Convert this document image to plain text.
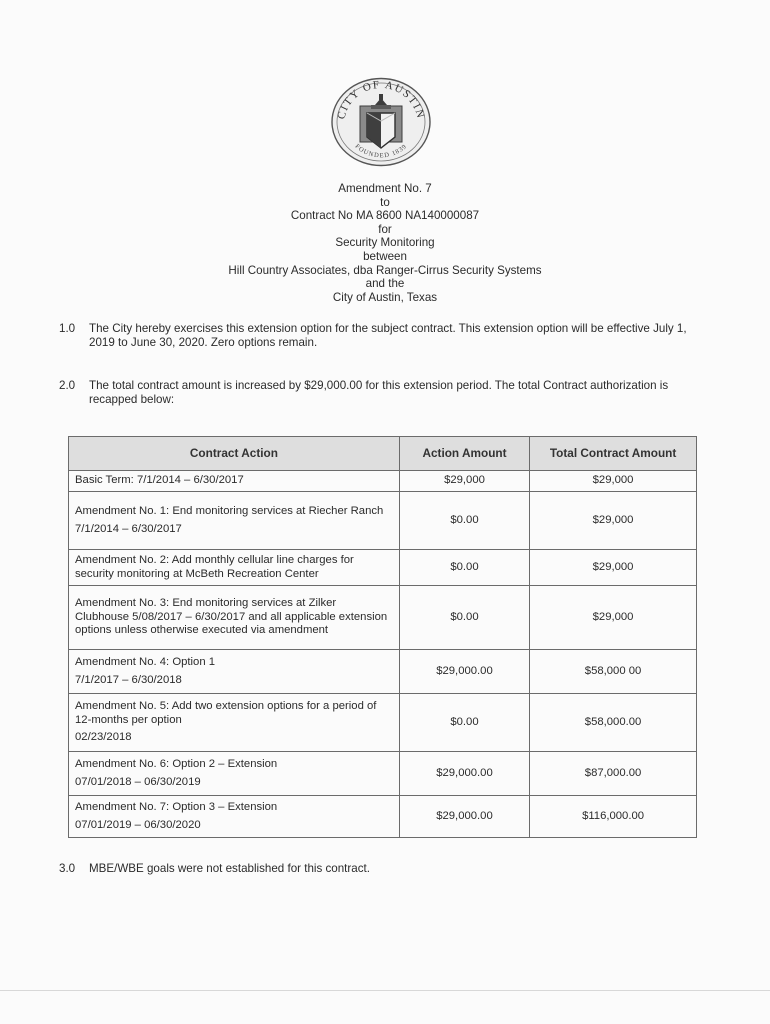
CITY OF AUSTIN
FOUNDED 1839
Amendment No. 7
to
Contract No MA 8600 NA140000087
for
Security Monitoring
between
Hill Country Associates, dba Ranger-Cirrus Security Systems
and the
City of Austin, Texas
1.0 The City hereby exercises this extension option for the subject contract. This extension option will be effective July 1, 2019 to June 30, 2020. Zero options remain.
2.0 The total contract amount is increased by $29,000.00 for this extension period. The total Contract authorization is recapped below:
Contract Action	Action Amount	Total Contract Amount
Basic Term: 7/1/2014 – 6/30/2017	$29,000	$29,000

Amendment No. 1: End monitoring services at Riecher Ranch
7/1/2014 – 6/30/2017	$0.00	$29,000
Amendment No. 2: Add monthly cellular line charges for security monitoring at McBeth Recreation Center	$0.00	$29,000
Amendment No. 3: End monitoring services at Zilker Clubhouse 5/08/2017 – 6/30/2017 and all applicable extension options unless otherwise executed via amendment	$0.00	$29,000

Amendment No. 4: Option 1
7/1/2017 – 6/30/2018	$29,000.00	$58,000 00

Amendment No. 5: Add two extension options for a period of 12-months per option
02/23/2018	$0.00	$58,000.00

Amendment No. 6: Option 2 – Extension
07/01/2018 – 06/30/2019	$29,000.00	$87,000.00

Amendment No. 7: Option 3 – Extension
07/01/2019 – 06/30/2020	$29,000.00	$116,000.00
3.0 MBE/WBE goals were not established for this contract.
